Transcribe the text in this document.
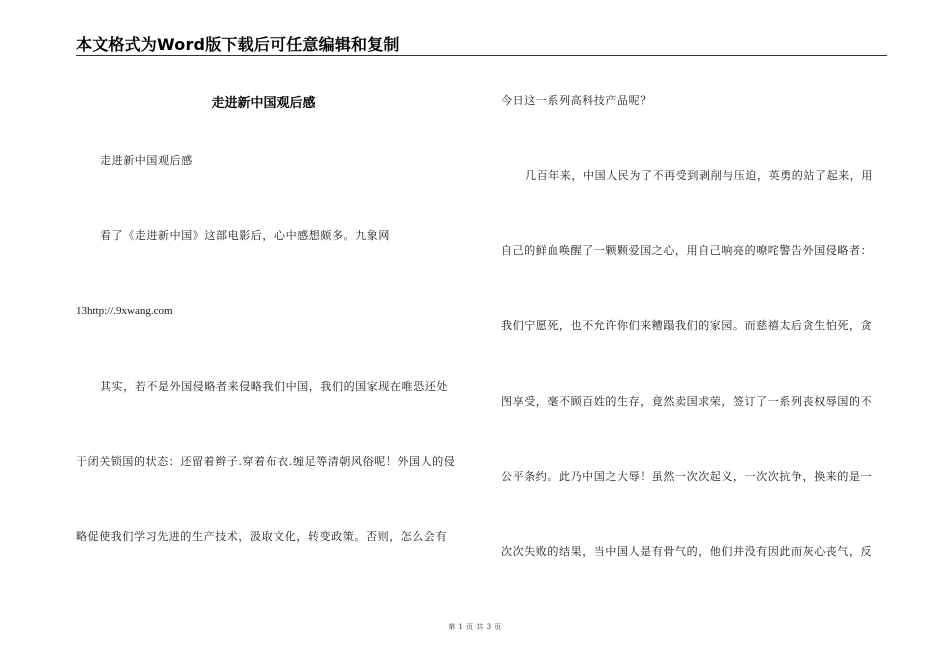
本文格式为Word版下载后可任意编辑和复制
走进新中国观后感
走进新中国观后感
看了《走进新中国》这部电影后，心中感想颇多。九象网
13http://.9xwang.com
其实，若不是外国侵略者来侵略我们中国，我们的国家现在唯恐还处
于闭关锁国的状态：还留着辫子.穿着布衣.缠足等清朝风俗呢！外国人的侵
略促使我们学习先进的生产技术，汲取文化，转变政策。否则，怎么会有
今日这一系列高科技产品呢？
几百年来，中国人民为了不再受到剥削与压迫，英勇的站了起来，用
自己的鲜血唤醒了一颗颗爱国之心，用自己响亮的嘹咤警告外国侵略者：
我们宁愿死，也不允许你们来糟蹋我们的家园。而慈禧太后贪生怕死，贪
图享受，毫不顾百姓的生存，竟然卖国求荣，签订了一系列丧权辱国的不
公平条约。此乃中国之大辱！虽然一次次起义，一次次抗争，换来的是一
次次失败的结果，当中国人是有骨气的，他们并没有因此而灰心丧气，反
第 1 页 共 3 页
